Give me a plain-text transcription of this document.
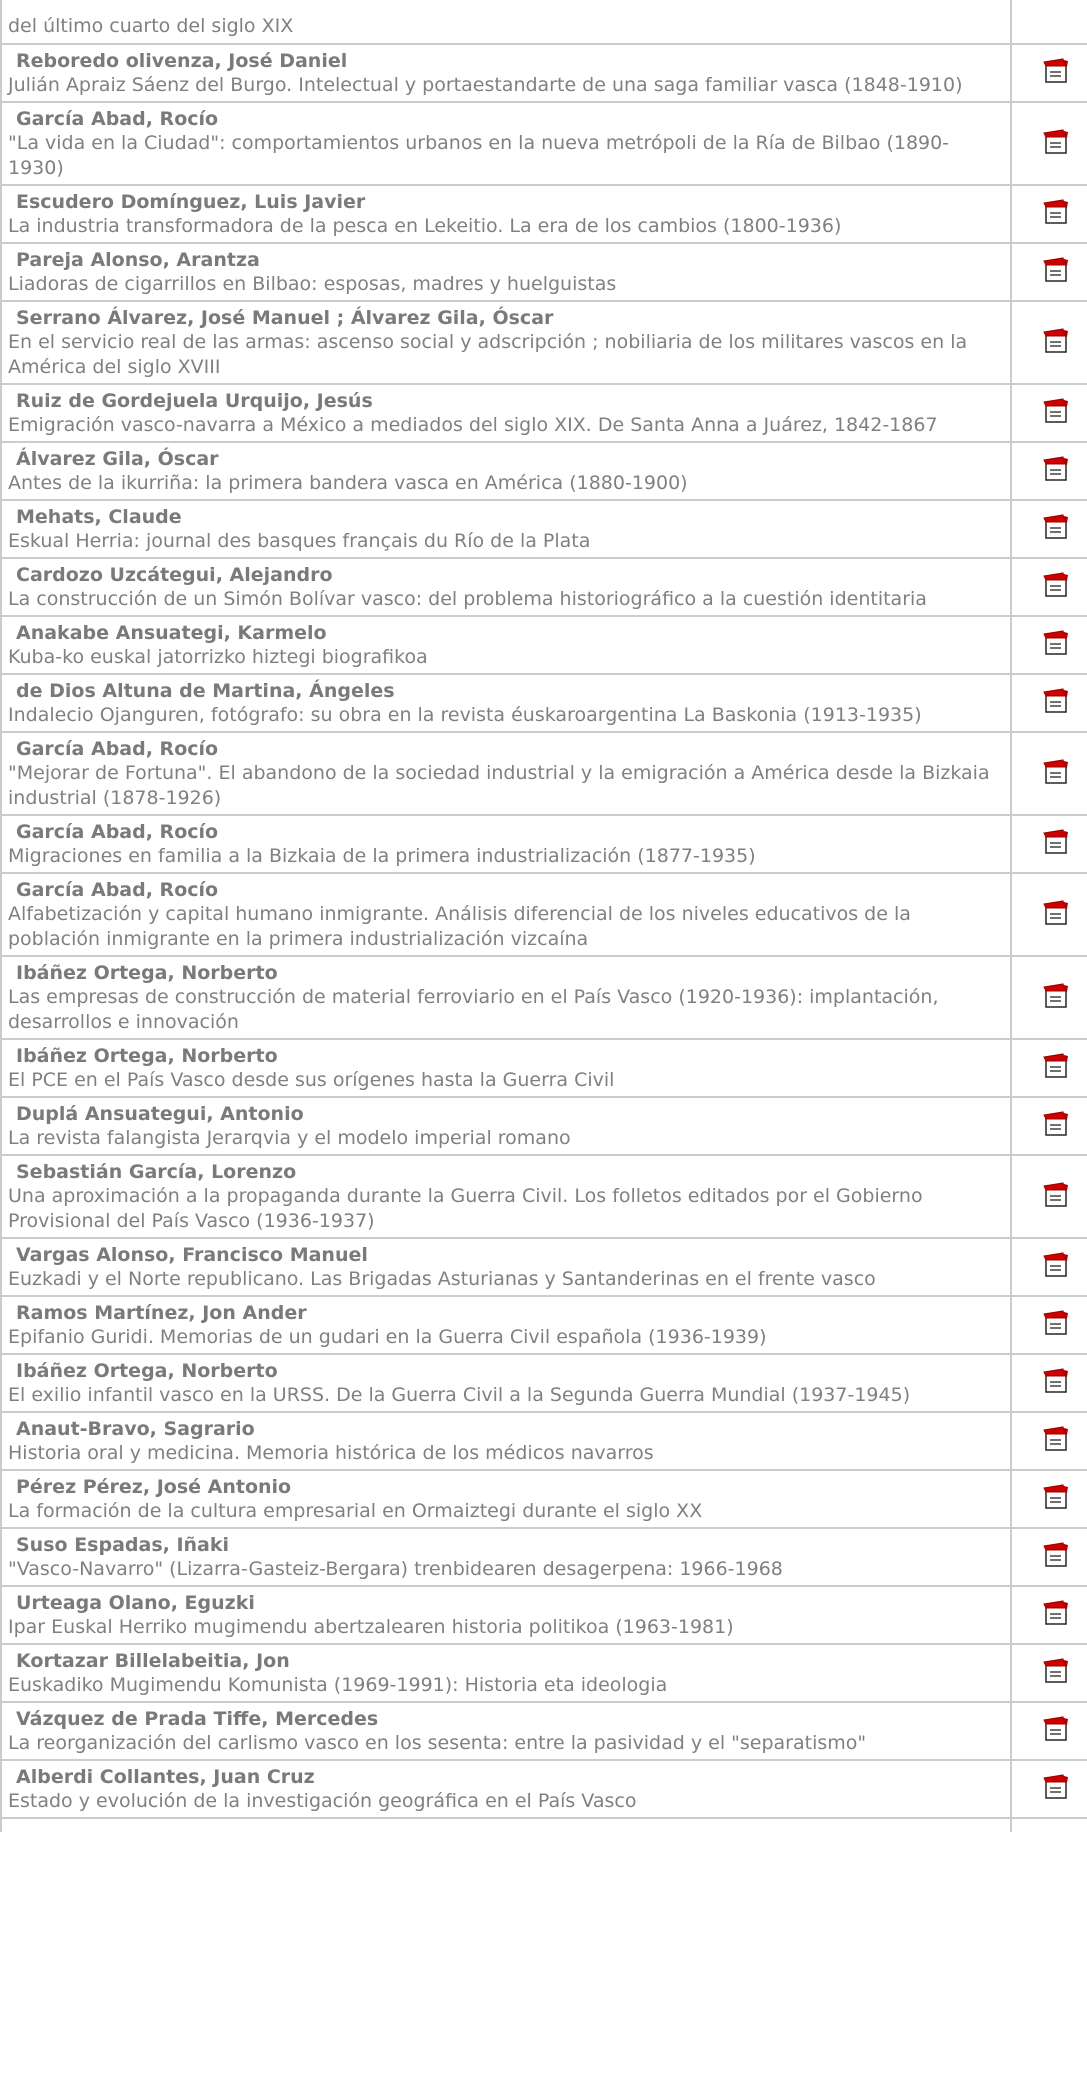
del último cuarto del siglo XIX	

Reboredo olivenza, José Daniel
Julián Apraiz Sáenz del Burgo. Intelectual y portaestandarte de una saga familiar vasca (1848-1910)

García Abad, Rocío
"La vida en la Ciudad": comportamientos urbanos en la nueva metrópoli de la Ría de Bilbao (1890-1930)

Escudero Domínguez, Luis Javier
La industria transformadora de la pesca en Lekeitio. La era de los cambios (1800-1936)

Pareja Alonso, Arantza
Liadoras de cigarrillos en Bilbao: esposas, madres y huelguistas

Serrano Álvarez, José Manuel ; Álvarez Gila, Óscar
En el servicio real de las armas: ascenso social y adscripción ; nobiliaria de los militares vascos en la América del siglo XVIII

Ruiz de Gordejuela Urquijo, Jesús
Emigración vasco-navarra a México a mediados del siglo XIX. De Santa Anna a Juárez, 1842-1867

Álvarez Gila, Óscar
Antes de la ikurriña: la primera bandera vasca en América (1880-1900)

Mehats, Claude
Eskual Herria: journal des basques français du Río de la Plata

Cardozo Uzcátegui, Alejandro
La construcción de un Simón Bolívar vasco: del problema historiográfico a la cuestión identitaria

Anakabe Ansuategi, Karmelo
Kuba-ko euskal jatorrizko hiztegi biografikoa

de Dios Altuna de Martina, Ángeles
Indalecio Ojanguren, fotógrafo: su obra en la revista éuskaroargentina La Baskonia (1913-1935)

García Abad, Rocío
"Mejorar de Fortuna". El abandono de la sociedad industrial y la emigración a América desde la Bizkaia industrial (1878-1926)

García Abad, Rocío
Migraciones en familia a la Bizkaia de la primera industrialización (1877-1935)

García Abad, Rocío
Alfabetización y capital humano inmigrante. Análisis diferencial de los niveles educativos de la población inmigrante en la primera industrialización vizcaína

Ibáñez Ortega, Norberto
Las empresas de construcción de material ferroviario en el País Vasco (1920-1936): implantación, desarrollos e innovación

Ibáñez Ortega, Norberto
El PCE en el País Vasco desde sus orígenes hasta la Guerra Civil

Duplá Ansuategui, Antonio
La revista falangista Jerarqvia y el modelo imperial romano

Sebastián García, Lorenzo
Una aproximación a la propaganda durante la Guerra Civil. Los folletos editados por el Gobierno Provisional del País Vasco (1936-1937)

Vargas Alonso, Francisco Manuel
Euzkadi y el Norte republicano. Las Brigadas Asturianas y Santanderinas en el frente vasco

Ramos Martínez, Jon Ander
Epifanio Guridi. Memorias de un gudari en la Guerra Civil española (1936-1939)

Ibáñez Ortega, Norberto
El exilio infantil vasco en la URSS. De la Guerra Civil a la Segunda Guerra Mundial (1937-1945)

Anaut-Bravo, Sagrario
Historia oral y medicina. Memoria histórica de los médicos navarros

Pérez Pérez, José Antonio
La formación de la cultura empresarial en Ormaiztegi durante el siglo XX

Suso Espadas, Iñaki
"Vasco-Navarro" (Lizarra-Gasteiz-Bergara) trenbidearen desagerpena: 1966-1968

Urteaga Olano, Eguzki
Ipar Euskal Herriko mugimendu abertzalearen historia politikoa (1963-1981)

Kortazar Billelabeitia, Jon
Euskadiko Mugimendu Komunista (1969-1991): Historia eta ideologia

Vázquez de Prada Tiffe, Mercedes
La reorganización del carlismo vasco en los sesenta: entre la pasividad y el "separatismo"

Alberdi Collantes, Juan Cruz
Estado y evolución de la investigación geográfica en el País Vasco
